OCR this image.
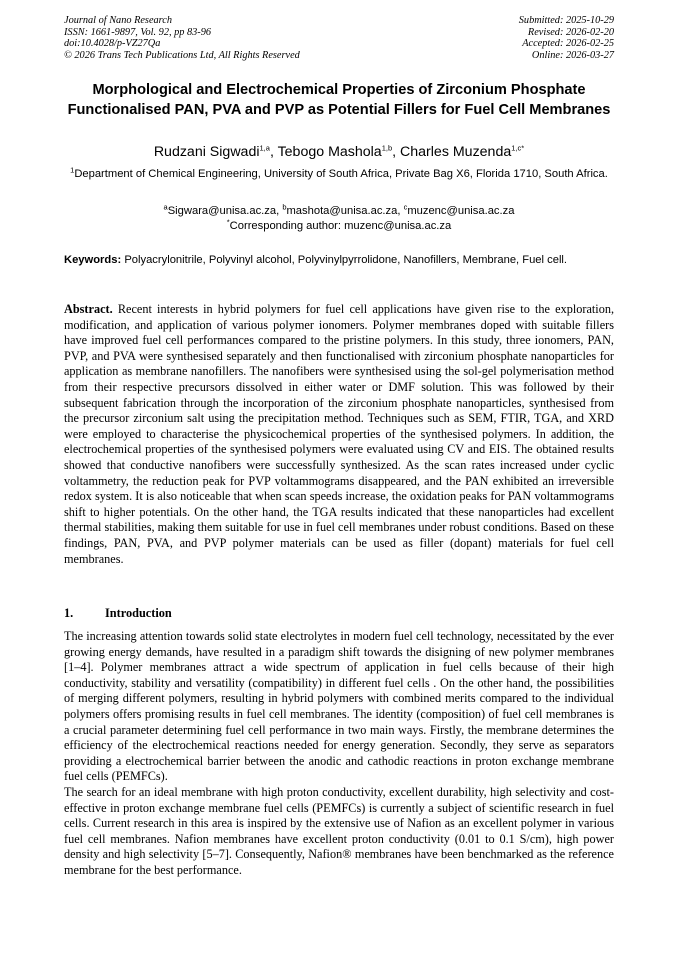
Journal of Nano Research
ISSN: 1661-9897, Vol. 92, pp 83-96
doi:10.4028/p-VZ27Qa
© 2026 Trans Tech Publications Ltd, All Rights Reserved
Submitted: 2025-10-29
Revised: 2026-02-20
Accepted: 2026-02-25
Online: 2026-03-27
Morphological and Electrochemical Properties of Zirconium Phosphate Functionalised PAN, PVA and PVP as Potential Fillers for Fuel Cell Membranes
Rudzani Sigwadi$^{1,a}$, Tebogo Mashola$^{1,b}$, Charles Muzenda$^{1,c*}$
$^1$Department of Chemical Engineering, University of South Africa, Private Bag X6, Florida 1710, South Africa.
$^a$Sigwara@unisa.ac.za, $^b$mashota@unisa.ac.za, $^c$muzenc@unisa.ac.za
*Corresponding author: muzenc@unisa.ac.za
Keywords: Polyacrylonitrile, Polyvinyl alcohol, Polyvinylpyrrolidone, Nanofillers, Membrane, Fuel cell.

Abstract. Recent interests in hybrid polymers for fuel cell applications have given rise to the exploration, modification, and application of various polymer ionomers. Polymer membranes doped with suitable fillers have improved fuel cell performances compared to the pristine polymers. In this study, three ionomers, PAN, PVP, and PVA were synthesised separately and then functionalised with zirconium phosphate nanoparticles for application as membrane nanofillers. The nanofibers were synthesised using the sol-gel polymerisation method from their respective precursors dissolved in either water or DMF solution. This was followed by their subsequent fabrication through the incorporation of the zirconium phosphate nanoparticles, synthesised from the precursor zirconium salt using the precipitation method. Techniques such as SEM, FTIR, TGA, and XRD were employed to characterise the physicochemical properties of the synthesised polymers. In addition, the electrochemical properties of the synthesised polymers were evaluated using CV and EIS. The obtained results showed that conductive nanofibers were successfully synthesized. As the scan rates increased under cyclic voltammetry, the reduction peak for PVP voltammograms disappeared, and the PAN exhibited an irreversible redox system. It is also noticeable that when scan speeds increase, the oxidation peaks for PAN voltammograms shift to higher potentials. On the other hand, the TGA results indicated that these nanoparticles had excellent thermal stabilities, making them suitable for use in fuel cell membranes under robust conditions. Based on these findings, PAN, PVA, and PVP polymer materials can be used as filler (dopant) materials for fuel cell membranes.

1.	Introduction

The increasing attention towards solid state electrolytes in modern fuel cell technology, necessitated by the ever growing energy demands, have resulted in a paradigm shift towards the disigning of new polymer membranes [1–4]. Polymer membranes attract a wide spectrum of application in fuel cells because of their high conductivity, stability and versatility (compatibility) in different fuel cells . On the other hand, the possibilities of merging different polymers, resulting in hybrid polymers with combined merits compared to the individual polymers offers promising results in fuel cell membranes. The identity (composition) of fuel cell membranes is a crucial parameter determining fuel cell performance in two main ways. Firstly, the membrane determines the efficiency of the electrochemical reactions needed for energy generation. Secondly, they serve as separators providing a electrochemical barrier between the anodic and cathodic reactions in proton exchange membrane fuel cells (PEMFCs).

The search for an ideal membrane with high proton conductivity, excellent durability, high selectivity and cost-effective in proton exchange membrane fuel cells (PEMFCs) is currently a subject of scientific research in fuel cells. Current research in this area is inspired by the extensive use of Nafion as an excellent polymer in various fuel cell membranes. Nafion membranes have excellent proton conductivity (0.01 to 0.1 S/cm), high power density and high selectivity [5–7]. Consequently, Nafion® membranes have been benchmarked as the reference membrane for the best performance.
